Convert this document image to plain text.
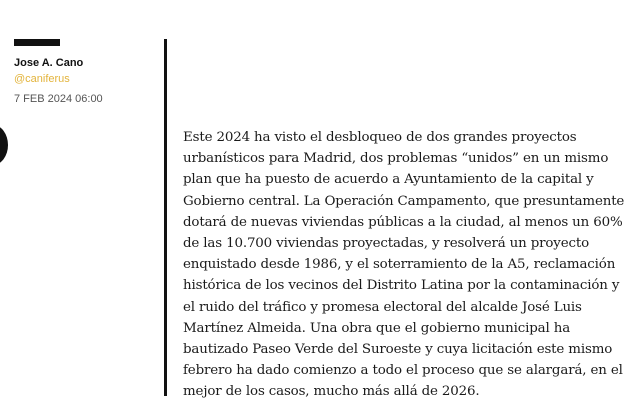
Jose A. Cano
@caniferus
7 FEB 2024 06:00

Este 2024 ha visto el desbloqueo de dos grandes proyectos urbanísticos para Madrid, dos problemas “unidos” en un mismo plan que ha puesto de acuerdo a Ayuntamiento de la capital y Gobierno central. La Operación Campamento, que presuntamente dotará de nuevas viviendas públicas a la ciudad, al menos un 60% de las 10.700 viviendas proyectadas, y resolverá un proyecto enquistado desde 1986, y el soterramiento de la A5, reclamación histórica de los vecinos del Distrito Latina por la contaminación y el ruido del tráfico y promesa electoral del alcalde José Luis Martínez Almeida. Una obra que el gobierno municipal ha bautizado Paseo Verde del Suroeste y cuya licitación este mismo febrero ha dado comienzo a todo el proceso que se alargará, en el mejor de los casos, mucho más allá de 2026.
